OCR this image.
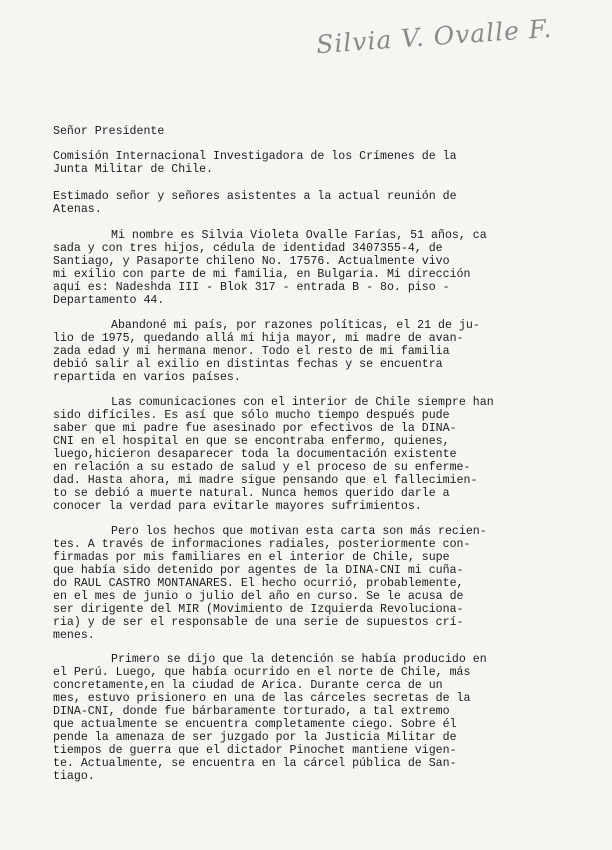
Silvia V. Ovalle F.
Señor Presidente
Comisión Internacional Investigadora de los Crímenes de la
Junta Militar de Chile.
Estimado señor y señores asistentes a la actual reunión de
Atenas.
Mi nombre es Silvia Violeta Ovalle Farías, 51 años, ca
sada y con tres hijos, cédula de identidad 3407355-4, de
Santiago, y Pasaporte chileno No. 17576. Actualmente vivo
mi exilio con parte de mi familia, en Bulgaria. Mi dirección
aquí es: Nadeshda III - Blok 317 - entrada B - 8o. piso -
Departamento 44.
Abandoné mi país, por razones políticas, el 21 de ju-
lio de 1975, quedando allá mi hija mayor, mi madre de avan-
zada edad y mi hermana menor. Todo el resto de mi familia
debió salir al exilio en distintas fechas y se encuentra
repartida en varios países.
Las comunicaciones con el interior de Chile siempre han
sido difíciles. Es así que sólo mucho tiempo después pude
saber que mi padre fue asesinado por efectivos de la DINA-
CNI en el hospital en que se encontraba enfermo, quienes,
luego,hicieron desaparecer toda la documentación existente
en relación a su estado de salud y el proceso de su enferme-
dad. Hasta ahora, mi madre sigue pensando que el fallecimien-
to se debió a muerte natural. Nunca hemos querido darle a
conocer la verdad para evitarle mayores sufrimientos.
Pero los hechos que motivan esta carta son más recien-
tes. A través de informaciones radiales, posteriormente con-
firmadas por mis familiares en el interior de Chile, supe
que había sido detenido por agentes de la DINA-CNI mi cuña-
do RAUL CASTRO MONTANARES. El hecho ocurrió, probablemente,
en el mes de junio o julio del año en curso. Se le acusa de
ser dirigente del MIR (Movimiento de Izquierda Revoluciona-
ria) y de ser el responsable de una serie de supuestos crí-
menes.
Primero se dijo que la detención se había producido en
el Perú. Luego, que había ocurrido en el norte de Chile, más
concretamente,en la ciudad de Arica. Durante cerca de un
mes, estuvo prisionero en una de las cárceles secretas de la
DINA-CNI, donde fue bárbaramente torturado, a tal extremo
que actualmente se encuentra completamente ciego. Sobre él
pende la amenaza de ser juzgado por la Justicia Militar de
tiempos de guerra que el dictador Pinochet mantiene vigen-
te. Actualmente, se encuentra en la cárcel pública de San-
tiago.
